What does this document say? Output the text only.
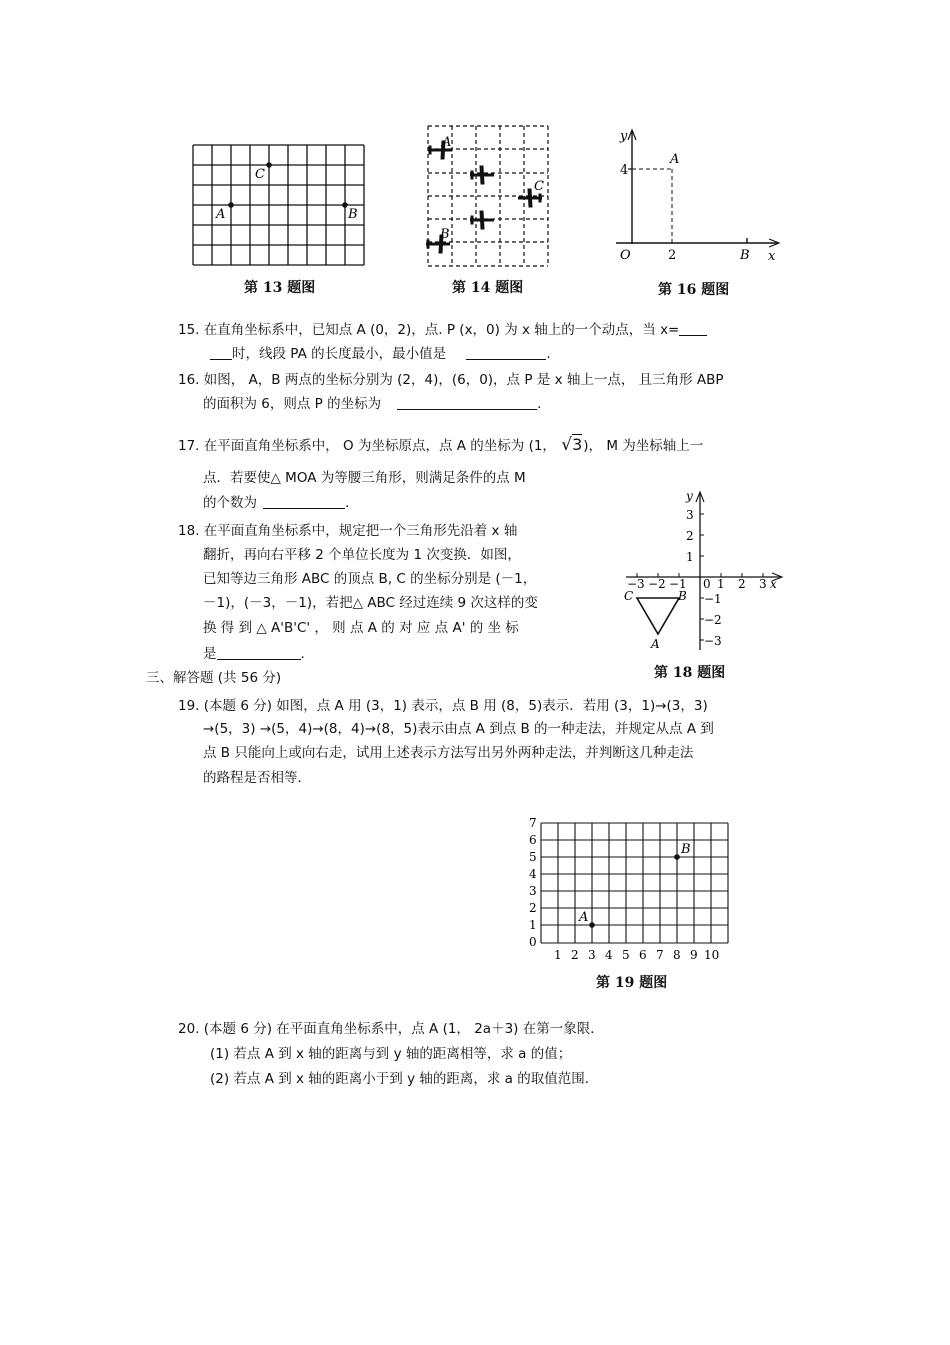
A	B
C
第 13 题图
A
B
C
第 14 题图
y
x
O
A
B
4
2
第 16 题图
15. 在直角坐标系中，已知点 A (0，2)，点. P (x，0) 为 x 轴上的一个动点，当 x=
时，线段 PA 的长度最小，最小值是	.
16. 如图， A，B 两点的坐标分别为 (2，4)，(6，0)，点 P 是 x 轴上一点， 且三角形 ABP
的面积为 6，则点 P 的坐标为	.
17. 在平面直角坐标系中， O 为坐标原点，点 A 的坐标为 (1， √3)， M 为坐标轴上一
点．若要使△ MOA 为等腰三角形，则满足条件的点 M
的个数为	.
18. 在平面直角坐标系中，规定把一个三角形先沿着 x 轴
翻折，再向右平移 2 个单位长度为 1 次变换．如图，
已知等边三角形 ABC 的顶点 B, C 的坐标分别是 (－1，
－1)，(－3，－1)，若把△ ABC 经过连续 9 次这样的变
换 得 到 △ A'B'C' ， 则 点 A 的 对 应 点 A' 的 坐 标
是	.
y
x
0
3
2
1
−1
−2
−3
−3 −2 −1	1 2 3
C	B
A
第 18 题图
三、解答题 (共 56 分)
19. (本题 6 分) 如图，点 A 用 (3，1) 表示，点 B 用 (8，5)表示．若用 (3，1)→(3，3)
→(5，3) →(5，4)→(8，4)→(8，5)表示由点 A 到点 B 的一种走法，并规定从点 A 到
点 B 只能向上或向右走，试用上述表示方法写出另外两种走法，并判断这几种走法
的路程是否相等．
A
B
7
6
5
4
3
2
1
0
1 2 3 4 5 6 7 8 9 10
第 19 题图
20. (本题 6 分) 在平面直角坐标系中，点 A (1， 2a＋3) 在第一象限．
(1) 若点 A 到 x 轴的距离与到 y 轴的距离相等，求 a 的值；
(2) 若点 A 到 x 轴的距离小于到 y 轴的距离，求 a 的取值范围．
